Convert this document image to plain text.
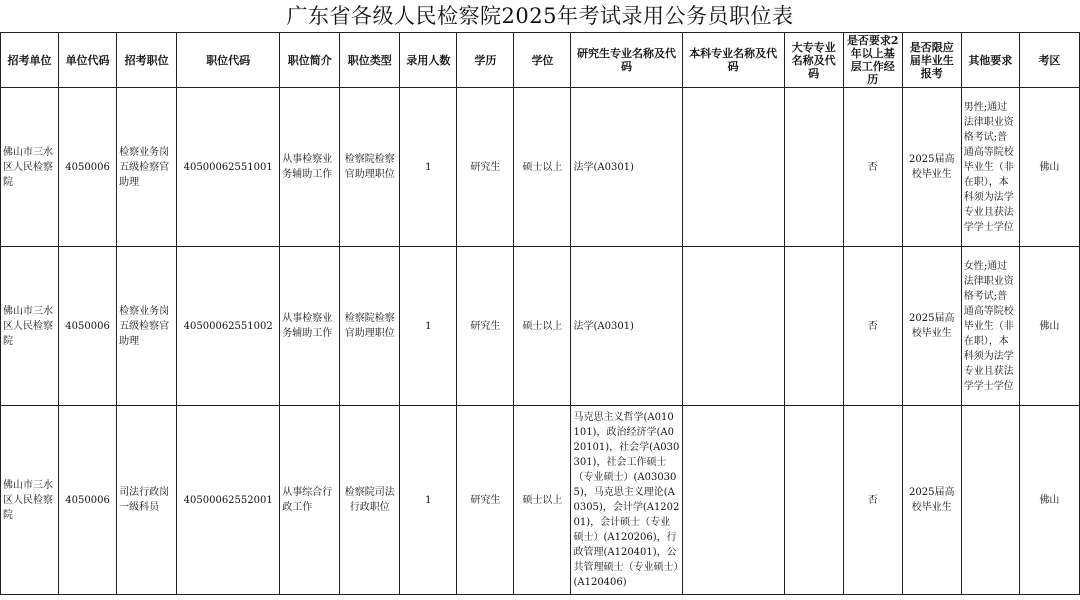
广东省各级人民检察院2025年考试录用公务员职位表
招考单位	单位代码	招考职位	职位代码	职位简介	职位类型	录用人数	学历	学位	研究生专业名称及代码	本科专业名称及代码	大专专业名称及代码	是否要求2年以上基层工作经历	是否限应届毕业生报考	其他要求	考区
佛山市三水区人民检察院	4050006	检察业务岗五级检察官助理	40500062551001	从事检察业务辅助工作	检察院检察官助理职位	1	研究生	硕士以上	法学(A0301)			否	2025届高校毕业生	男性;通过法律职业资格考试;普通高等院校毕业生（非在职），本科须为法学专业且获法学学士学位	佛山
佛山市三水区人民检察院	4050006	检察业务岗五级检察官助理	40500062551002	从事检察业务辅助工作	检察院检察官助理职位	1	研究生	硕士以上	法学(A0301)			否	2025届高校毕业生	女性;通过法律职业资格考试;普通高等院校毕业生（非在职），本科须为法学专业且获法学学士学位	佛山
佛山市三水区人民检察院	4050006	司法行政岗一级科员	40500062552001	从事综合行政工作	检察院司法行政职位	1	研究生	硕士以上	马克思主义哲学(A010101)，政治经济学(A020101)，社会学(A030301)，社会工作硕士（专业硕士）(A030305)，马克思主义理论(A0305)，会计学(A120201)，会计硕士（专业硕士）(A120206)，行政管理(A120401)，公共管理硕士（专业硕士）(A120406)			否	2025届高校毕业生		佛山
